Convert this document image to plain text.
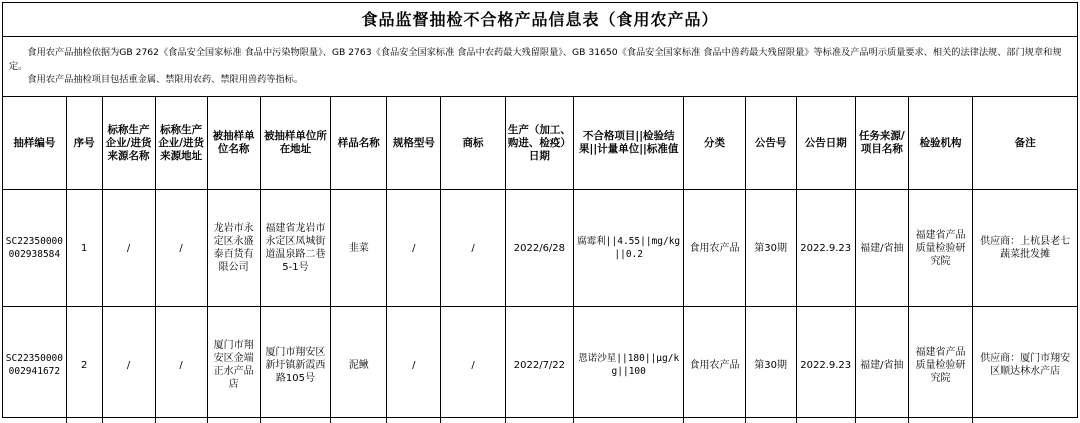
食品监督抽检不合格产品信息表（食用农产品）

食用农产品抽检依据为GB 2762《食品安全国家标准 食品中污染物限量》、GB 2763《食品安全国家标准 食品中农药最大残留限量》、GB 31650《食品安全国家标准 食品中兽药最大残留限量》等标准及产品明示质量要求、相关的法律法规、部门规章和规定。

食用农产品抽检项目包括重金属、禁限用农药、禁限用兽药等指标。

抽样编号	序号	标称生产企业/进货来源名称	标称生产企业/进货来源地址	被抽样单位名称	被抽样单位所在地址	样品名称	规格型号	商标	生产（加工、购进、检疫）日期	不合格项目||检验结果||计量单位||标准值	分类	公告号	公告日期	任务来源/项目名称	检验机构	备注
SC22350000002938584	1	/	/	龙岩市永定区永盛泰百货有限公司	福建省龙岩市永定区凤城街道温泉路二巷5-1号	韭菜	/	/	2022/6/28	腐霉利||4.55||mg/kg||0.2	食用农产品	第30期	2022.9.23	福建/省抽	福建省产品质量检验研究院	供应商：上杭县老七蔬菜批发摊
SC22350000002941672	2	/	/	厦门市翔安区金端正水产品店	厦门市翔安区新圩镇新霞西路105号	泥鳅	/	/	2022/7/22	恩诺沙星||180||μg/kg||100	食用农产品	第30期	2022.9.23	福建/省抽	福建省产品质量检验研究院	供应商：厦门市翔安区顺达林水产店
